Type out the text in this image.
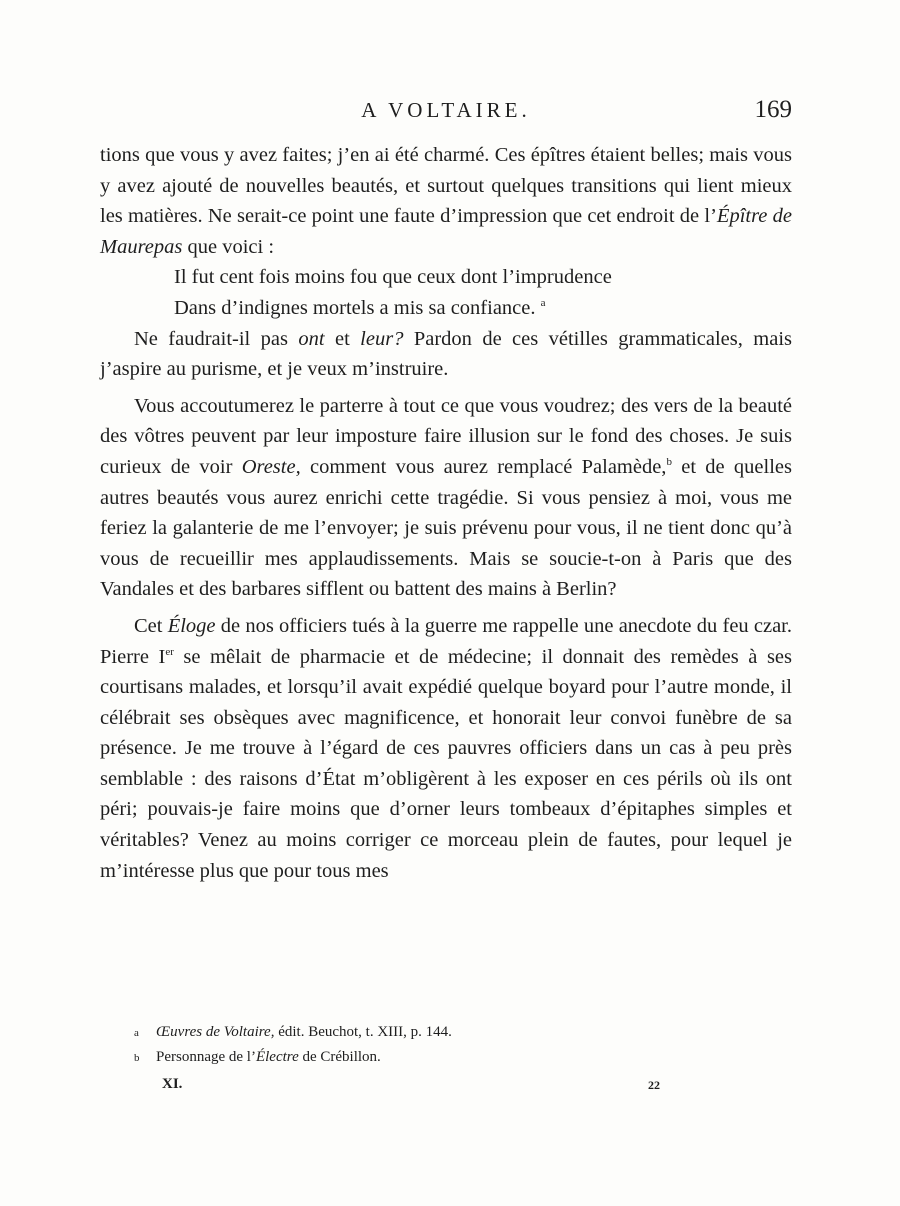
A VOLTAIRE.	169

tions que vous y avez faites; j’en ai été charmé. Ces épîtres étaient belles; mais vous y avez ajouté de nouvelles beautés, et surtout quelques transitions qui lient mieux les matières. Ne serait-ce point une faute d’impression que cet endroit de l’Épître de Maurepas que voici :

Il fut cent fois moins fou que ceux dont l’imprudence
Dans d’indignes mortels a mis sa confiance. $^a$

Ne faudrait-il pas ont et leur? Pardon de ces vétilles grammaticales, mais j’aspire au purisme, et je veux m’instruire.

Vous accoutumerez le parterre à tout ce que vous voudrez; des vers de la beauté des vôtres peuvent par leur imposture faire illusion sur le fond des choses. Je suis curieux de voir Oreste, comment vous aurez remplacé Palamède,$^b$ et de quelles autres beautés vous aurez enrichi cette tragédie. Si vous pensiez à moi, vous me feriez la galanterie de me l’envoyer; je suis prévenu pour vous, il ne tient donc qu’à vous de recueillir mes applaudissements. Mais se soucie-t-on à Paris que des Vandales et des barbares sifflent ou battent des mains à Berlin?

Cet Éloge de nos officiers tués à la guerre me rappelle une anecdote du feu czar. Pierre Ier se mêlait de pharmacie et de médecine; il donnait des remèdes à ses courtisans malades, et lorsqu’il avait expédié quelque boyard pour l’autre monde, il célébrait ses obsèques avec magnificence, et honorait leur convoi funèbre de sa présence. Je me trouve à l’égard de ces pauvres officiers dans un cas à peu près semblable : des raisons d’État m’obligèrent à les exposer en ces périls où ils ont péri; pouvais-je faire moins que d’orner leurs tombeaux d’épitaphes simples et véritables? Venez au moins corriger ce morceau plein de fautes, pour lequel je m’intéresse plus que pour tous mes

a Œuvres de Voltaire, édit. Beuchot, t. XIII, p. 144.
b Personnage de l’Électre de Crébillon.
XI.	22
